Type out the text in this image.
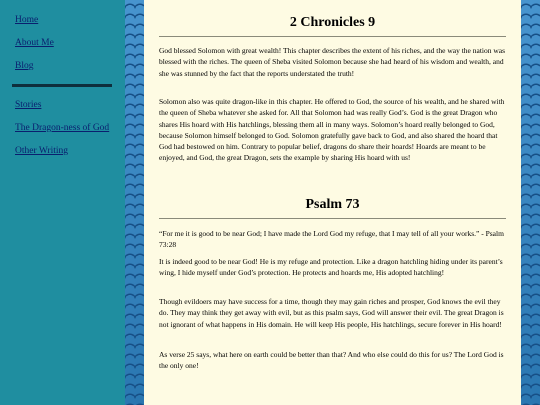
Home
About Me
Blog
Stories
The Dragon-ness of God
Other Writing
2 Chronicles 9

God blessed Solomon with great wealth! This chapter describes the extent of his riches, and the way the nation was blessed with the riches. The queen of Sheba visited Solomon because she had heard of his wisdom and wealth, and she was stunned by the fact that the reports understated the truth!

Solomon also was quite dragon-like in this chapter. He offered to God, the source of his wealth, and he shared with the queen of Sheba whatever she asked for. All that Solomon had was really God’s. God is the great Dragon who shares His hoard with His hatchlings, blessing them all in many ways. Solomon’s hoard really belonged to God, because Solomon himself belonged to God. Solomon gratefully gave back to God, and also shared the hoard that God had bestowed on him. Contrary to popular belief, dragons do share their hoards! Hoards are meant to be enjoyed, and God, the great Dragon, sets the example by sharing His hoard with us!

Psalm 73

“For me it is good to be near God; I have made the Lord God my refuge, that I may tell of all your works.” - Psalm 73:28

It is indeed good to be near God! He is my refuge and protection. Like a dragon hatchling hiding under its parent’s wing, I hide myself under God’s protection. He protects and hoards me, His adopted hatchling!

Though evildoers may have success for a time, though they may gain riches and prosper, God knows the evil they do. They may think they get away with evil, but as this psalm says, God will answer their evil. The great Dragon is not ignorant of what happens in His domain. He will keep His people, His hatchlings, secure forever in His hoard!

As verse 25 says, what here on earth could be better than that? And who else could do this for us? The Lord God is the only one!
